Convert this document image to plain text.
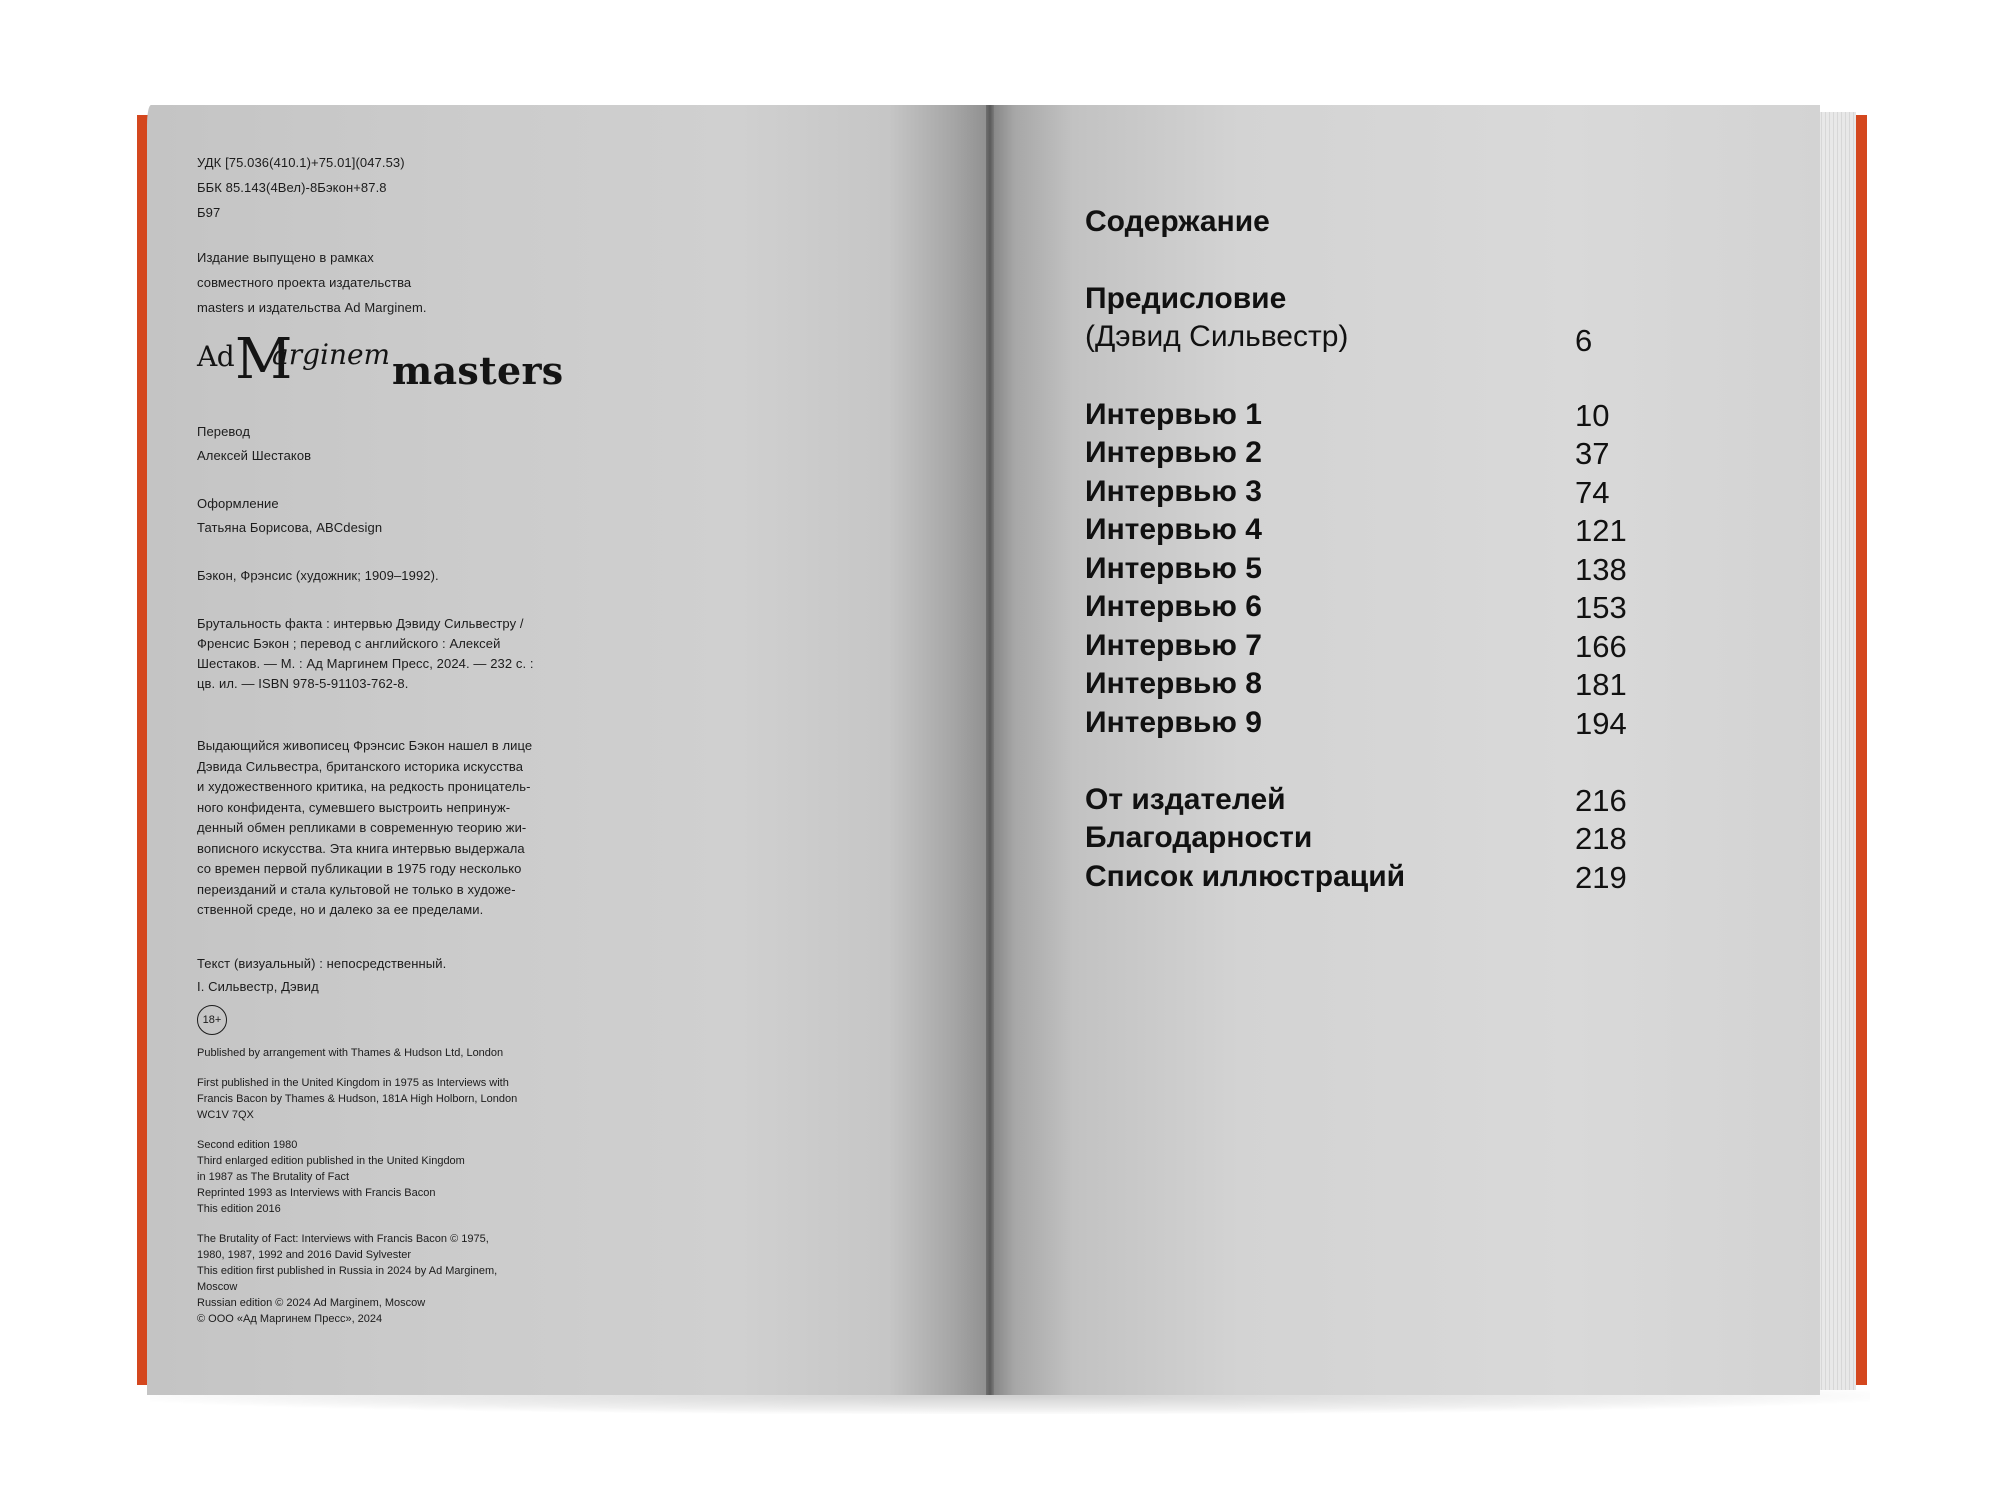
УДК [75.036(410.1)+75.01](047.53)
ББК 85.143(4Вел)-8Бэкон+87.8
Б97
Издание выпущено в рамках
совместного проекта издательства
masters и издательства Ad Marginem.
Ad M
arginem masters
Перевод
Алексей Шестаков
Оформление
Татьяна Борисова, ABCdesign
Бэкон, Фрэнсис (художник; 1909–1992).
Брутальность факта : интервью Дэвиду Сильвестру /
Френсис Бэкон ; перевод с английского : Алексей
Шестаков. — М. : Ад Маргинем Пресс, 2024. — 232 с. :
цв. ил. — ISBN 978-5-91103-762-8.
Выдающийся живописец Фрэнсис Бэкон нашел в лице
Дэвида Сильвестра, британского историка искусства
и художественного критика, на редкость проницатель-
ного конфидента, сумевшего выстроить непринуж-
денный обмен репликами в современную теорию жи-
вописного искусства. Эта книга интервью выдержала
со времен первой публикации в 1975 году несколько
переизданий и стала культовой не только в художе-
ственной среде, но и далеко за ее пределами.
Текст (визуальный) : непосредственный.
I. Сильвестр, Дэвид
18+
Published by arrangement with Thames & Hudson Ltd, London
First published in the United Kingdom in 1975 as Interviews with
Francis Bacon by Thames & Hudson, 181A High Holborn, London
WC1V 7QX
Second edition 1980
Third enlarged edition published in the United Kingdom
in 1987 as The Brutality of Fact
Reprinted 1993 as Interviews with Francis Bacon
This edition 2016
The Brutality of Fact: Interviews with Francis Bacon © 1975,
1980, 1987, 1992 and 2016 David Sylvester
This edition first published in Russia in 2024 by Ad Marginem,
Moscow
Russian edition © 2024 Ad Marginem, Moscow
© ООО «Ад Маргинем Пресс», 2024
Содержание
Предисловие
(Дэвид Сильвестр)	6
Интервью 1	10
Интервью 2	37
Интервью 3	74
Интервью 4	121
Интервью 5	138
Интервью 6	153
Интервью 7	166
Интервью 8	181
Интервью 9	194
От издателей	216
Благодарности	218
Список иллюстраций	219
